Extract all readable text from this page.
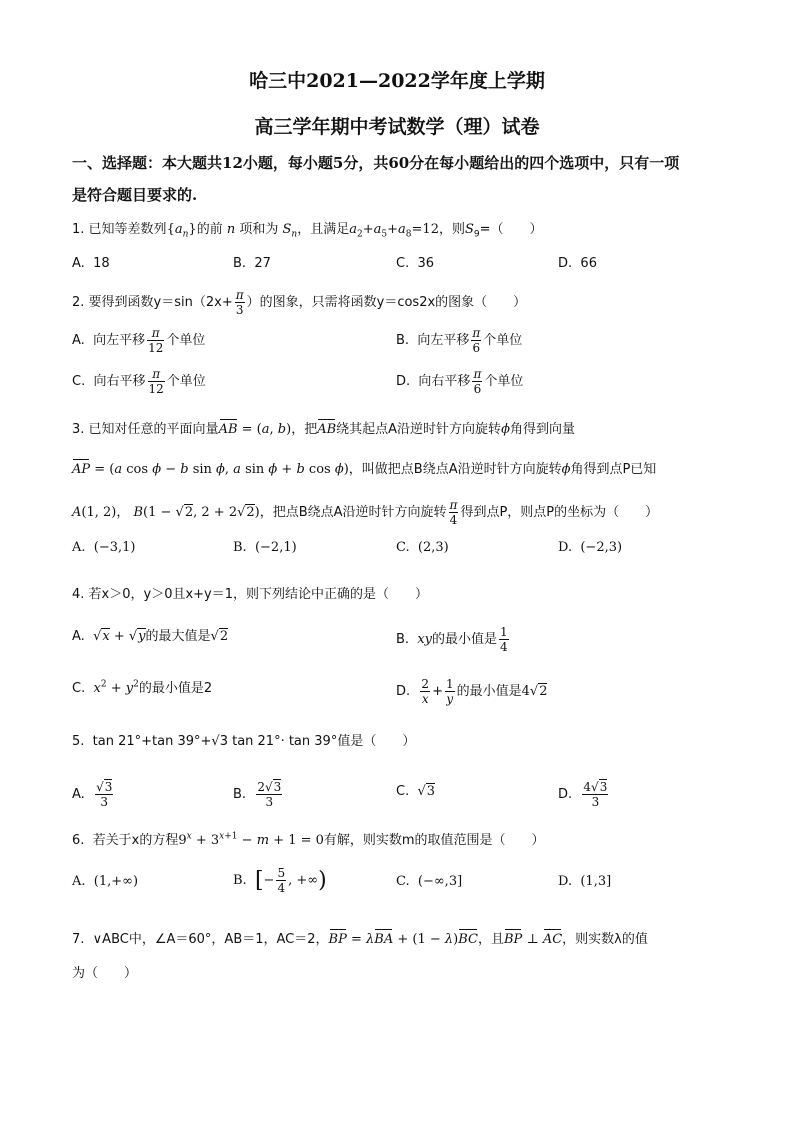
哈三中2021—2022学年度上学期
高三学年期中考试数学（理）试卷
一、选择题：本大题共12小题，每小题5分，共60分在每小题给出的四个选项中，只有一项
是符合题目要求的.
1. 已知等差数列$\{a_n\}$的前 n 项和为 $S_n$，且满足$a_2+a_5+a_8=12$，则$S_9=$（　　）
A. 18	B. 27	C. 36	D. 66
2. 要得到函数$y=\sin(2x+ \frac{\pi}{3}$ ）的图象，只需将函数y＝cos2x的图象（　　）
A. 向左平移 $\frac{\pi}{12}$ 个单位	B. 向左平移 $\frac{\pi}{6}$ 个单位
C. 向右平移 $\frac{\pi}{12}$ 个单位	D. 向右平移 $\frac{\pi}{6}$ 个单位
3. 已知对任意的平面向量AB = (a, b)，把AB绕其起点A沿逆时针方向旋转ϕ角得到向量
AP = (a cos ϕ − b sin ϕ, a sin ϕ + b cos ϕ)，叫做把点B绕点A沿逆时针方向旋转ϕ角得到点P已知
A(1, 2)， B(1 − √2, 2 + 2√2)，把点B绕点A沿逆时针方向旋转 $\frac{\pi}{4}$ 得到点P，则点P的坐标为（　　）
A. (−3,1)	B. (−2,1)	C. (2,3)	D. (−2,3)
4. 若x＞0，y＞0且x+y＝1，则下列结论中正确的是（　　）
A. √x + √y的最大值是√2	B. xy的最小值是 $\frac{1}{4}$
C. $x^2 + y^2$的最小值是2	D. $\frac{2}{x} + \frac{1}{y}$ 的最小值是4√2
5. tan 21°+tan 39°+√3 tan 21°· tan 39°值是（　　）
A. $\frac{√3}{3}$	B. $\frac{2√3}{3}$	C. √3	D. $\frac{4√3}{3}$
6. 若关于x的方程$9^x + 3^{x+1} - m + 1 = 0$有解，则实数m的取值范围是（　　）
A. (1,+∞)	B. [− $\frac{5}{4}$ , +∞)	C. (−∞,3]	D. (1,3]
7. ∨ABC中，∠A＝60°，AB＝1，AC＝2，BP = λBA + (1 − λ)BC，且BP ⊥ AC，则实数λ的值
为（　　）
